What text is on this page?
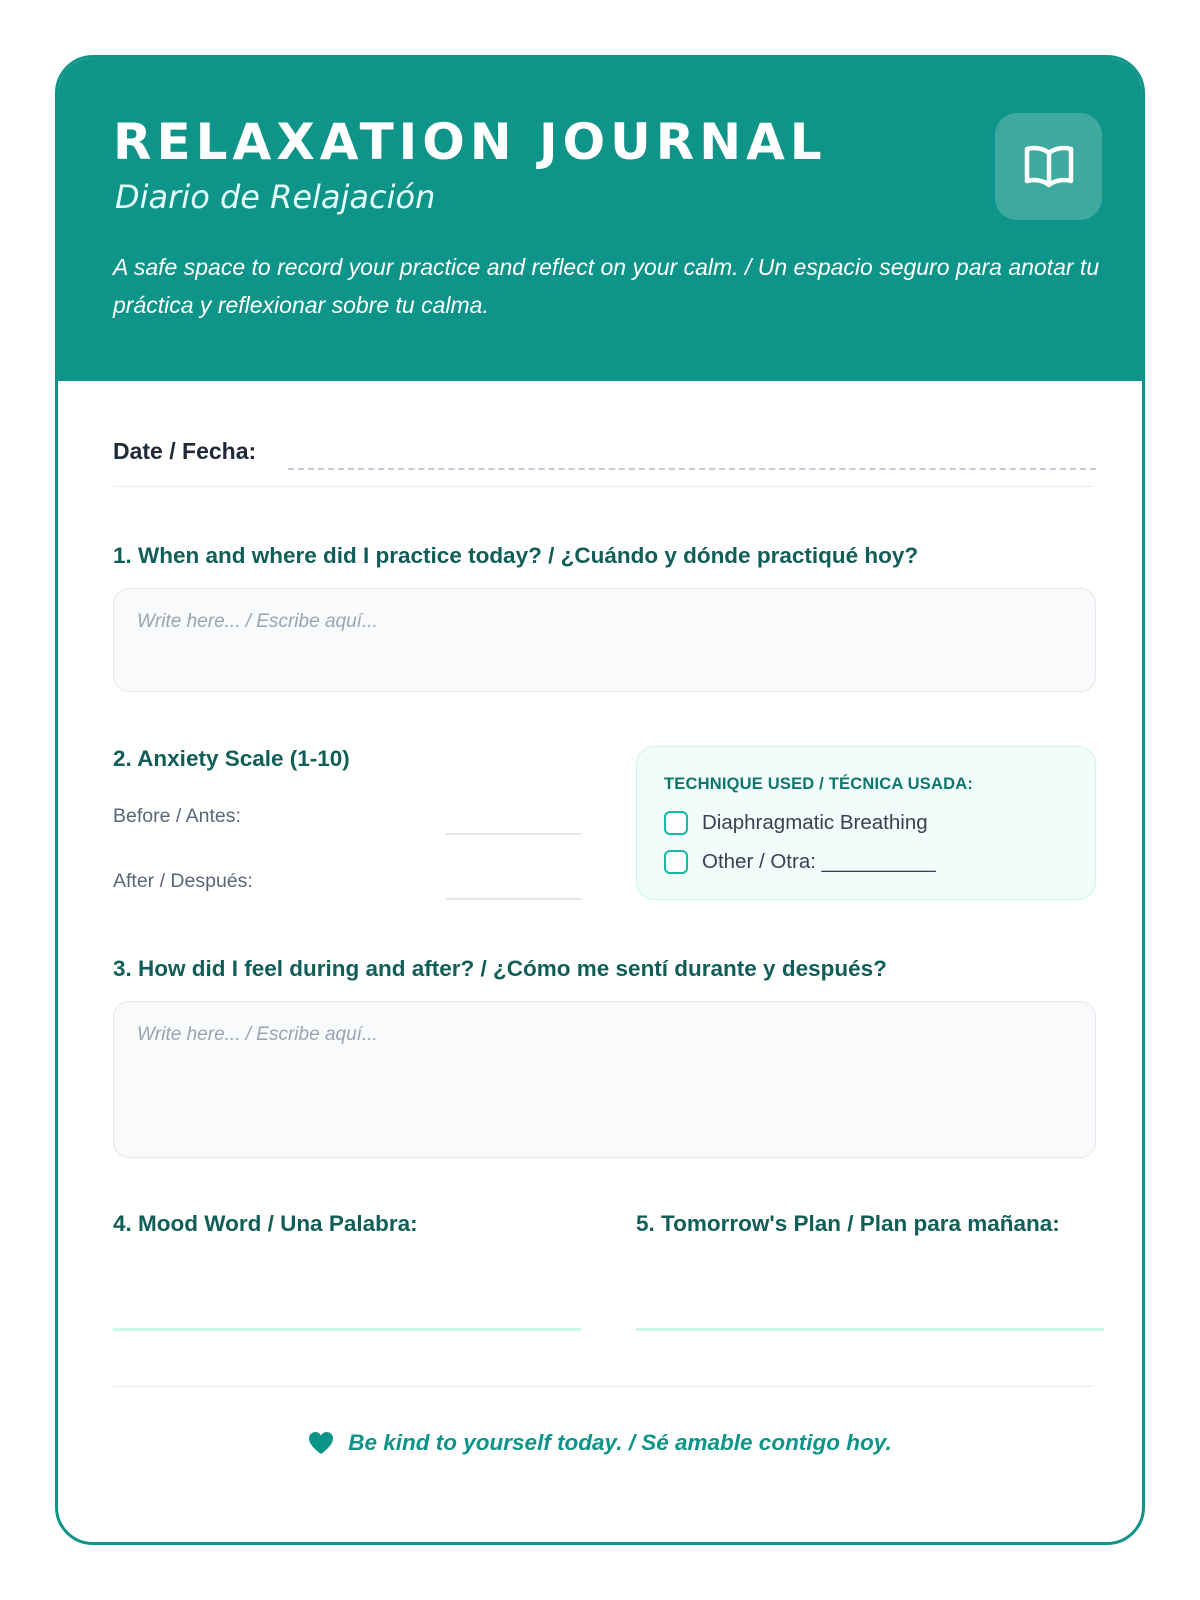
RELAXATION JOURNAL
Diario de Relajación
A safe space to record your practice and reflect on your calm. / Un espacio seguro para anotar tu práctica y reflexionar sobre tu calma.
Date / Fecha:
1. When and where did I practice today? / ¿Cuándo y dónde practiqué hoy?
Write here... / Escribe aquí...
2. Anxiety Scale (1-10)
Before / Antes:
After / Después:
TECHNIQUE USED / TÉCNICA USADA:
Diaphragmatic Breathing
Other / Otra: __________
3. How did I feel during and after? / ¿Cómo me sentí durante y después?
Write here... / Escribe aquí...
4. Mood Word / Una Palabra:	5. Tomorrow's Plan / Plan para mañana:
Be kind to yourself today. / Sé amable contigo hoy.
